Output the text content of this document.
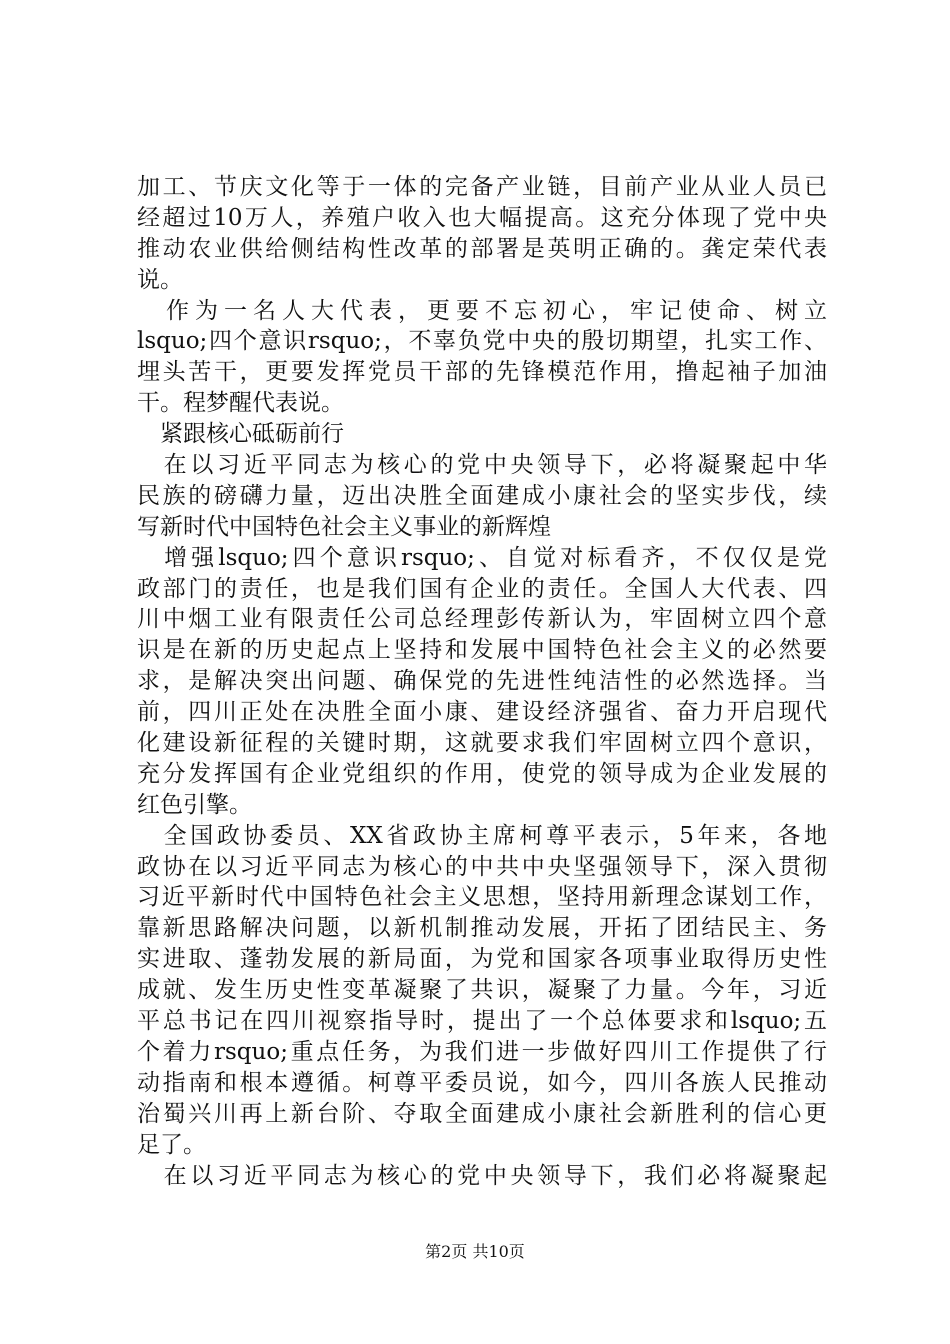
加工、节庆文化等于一体的完备产业链，目前产业从业人员已
经超过10万人，养殖户收入也大幅提高。这充分体现了党中央
推动农业供给侧结构性改革的部署是英明正确的。龚定荣代表
说。
　作为一名人大代表，更要不忘初心，牢记使命、树立
lsquo;四个意识rsquo;，不辜负党中央的殷切期望，扎实工作、
埋头苦干，更要发挥党员干部的先锋模范作用，撸起袖子加油
干。程梦醒代表说。
　紧跟核心砥砺前行
　在以习近平同志为核心的党中央领导下，必将凝聚起中华
民族的磅礴力量，迈出决胜全面建成小康社会的坚实步伐，续
写新时代中国特色社会主义事业的新辉煌
　增强lsquo;四个意识rsquo;、自觉对标看齐，不仅仅是党
政部门的责任，也是我们国有企业的责任。全国人大代表、四
川中烟工业有限责任公司总经理彭传新认为，牢固树立四个意
识是在新的历史起点上坚持和发展中国特色社会主义的必然要
求，是解决突出问题、确保党的先进性纯洁性的必然选择。当
前，四川正处在决胜全面小康、建设经济强省、奋力开启现代
化建设新征程的关键时期，这就要求我们牢固树立四个意识，
充分发挥国有企业党组织的作用，使党的领导成为企业发展的
红色引擎。
　全国政协委员、XX省政协主席柯尊平表示，5年来，各地
政协在以习近平同志为核心的中共中央坚强领导下，深入贯彻
习近平新时代中国特色社会主义思想，坚持用新理念谋划工作，
靠新思路解决问题，以新机制推动发展，开拓了团结民主、务
实进取、蓬勃发展的新局面，为党和国家各项事业取得历史性
成就、发生历史性变革凝聚了共识，凝聚了力量。今年，习近
平总书记在四川视察指导时，提出了一个总体要求和lsquo;五
个着力rsquo;重点任务，为我们进一步做好四川工作提供了行
动指南和根本遵循。柯尊平委员说，如今，四川各族人民推动
治蜀兴川再上新台阶、夺取全面建成小康社会新胜利的信心更
足了。
　在以习近平同志为核心的党中央领导下，我们必将凝聚起
第2页 共10页
